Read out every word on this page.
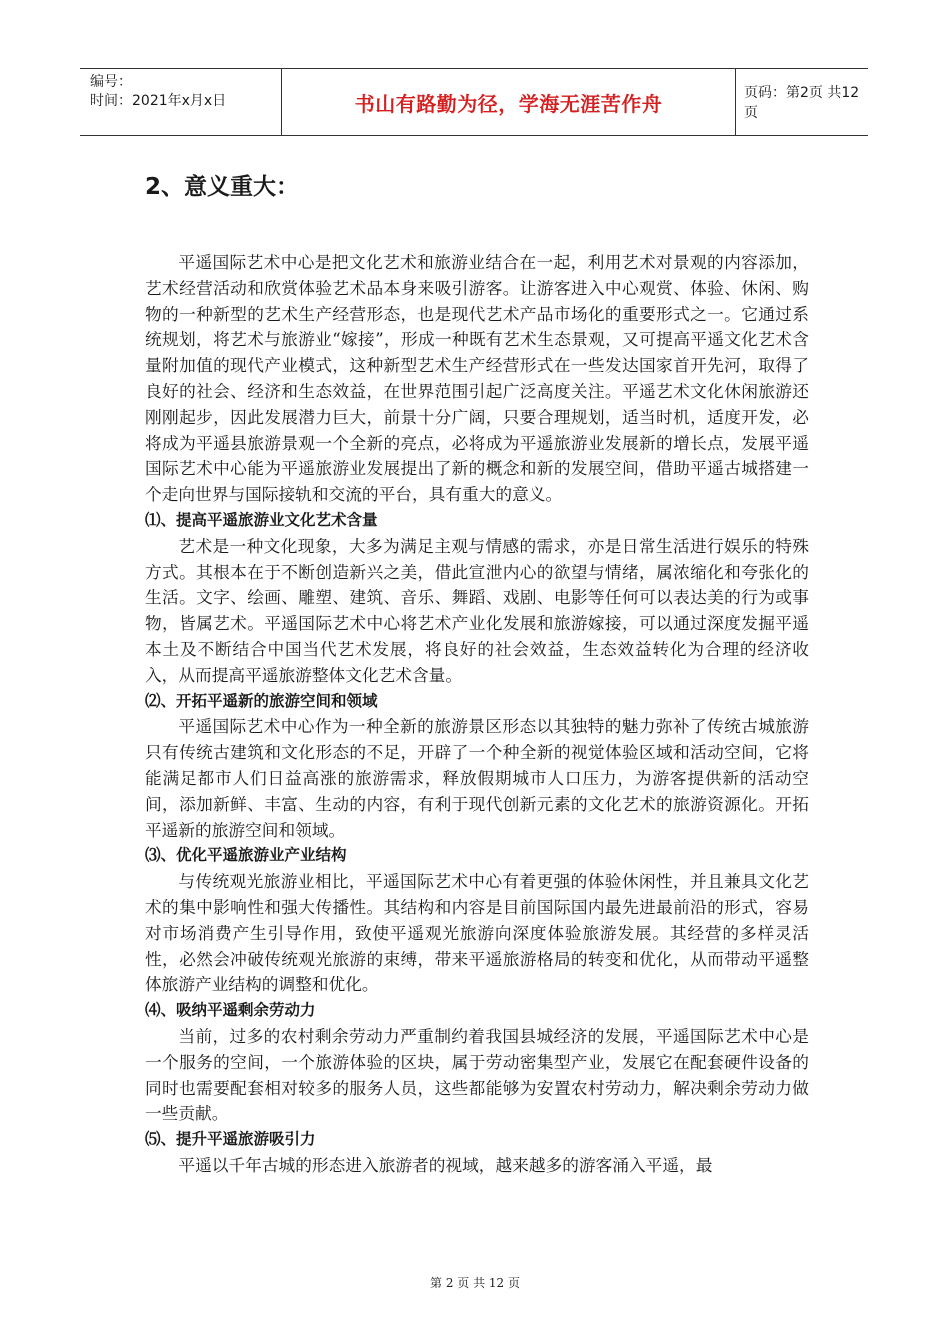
编号：
时间：2021年x月x日	书山有路勤为径，学海无涯苦作舟	页码：第2页 共12页
2、意义重大：

平遥国际艺术中心是把文化艺术和旅游业结合在一起，利用艺术对景观的内容添加，艺术经营活动和欣赏体验艺术品本身来吸引游客。让游客进入中心观赏、体验、休闲、购物的一种新型的艺术生产经营形态，也是现代艺术产品市场化的重要形式之一。它通过系统规划，将艺术与旅游业“嫁接”，形成一种既有艺术生态景观，又可提高平遥文化艺术含量附加值的现代产业模式，这种新型艺术生产经营形式在一些发达国家首开先河，取得了良好的社会、经济和生态效益，在世界范围引起广泛高度关注。平遥艺术文化休闲旅游还刚刚起步，因此发展潜力巨大，前景十分广阔，只要合理规划，适当时机，适度开发，必将成为平遥县旅游景观一个全新的亮点，必将成为平遥旅游业发展新的增长点，发展平遥国际艺术中心能为平遥旅游业发展提出了新的概念和新的发展空间，借助平遥古城搭建一个走向世界与国际接轨和交流的平台，具有重大的意义。

⑴、提高平遥旅游业文化艺术含量

艺术是一种文化现象，大多为满足主观与情感的需求，亦是日常生活进行娱乐的特殊方式。其根本在于不断创造新兴之美，借此宣泄内心的欲望与情绪，属浓缩化和夸张化的生活。文字、绘画、雕塑、建筑、音乐、舞蹈、戏剧、电影等任何可以表达美的行为或事物，皆属艺术。平遥国际艺术中心将艺术产业化发展和旅游嫁接，可以通过深度发掘平遥本土及不断结合中国当代艺术发展，将良好的社会效益，生态效益转化为合理的经济收入，从而提高平遥旅游整体文化艺术含量。

⑵、开拓平遥新的旅游空间和领域

平遥国际艺术中心作为一种全新的旅游景区形态以其独特的魅力弥补了传统古城旅游只有传统古建筑和文化形态的不足，开辟了一个种全新的视觉体验区域和活动空间，它将能满足都市人们日益高涨的旅游需求，释放假期城市人口压力，为游客提供新的活动空间，添加新鲜、丰富、生动的内容，有利于现代创新元素的文化艺术的旅游资源化。开拓平遥新的旅游空间和领域。

⑶、优化平遥旅游业产业结构

与传统观光旅游业相比，平遥国际艺术中心有着更强的体验休闲性，并且兼具文化艺术的集中影响性和强大传播性。其结构和内容是目前国际国内最先进最前沿的形式，容易对市场消费产生引导作用，致使平遥观光旅游向深度体验旅游发展。其经营的多样灵活性，必然会冲破传统观光旅游的束缚，带来平遥旅游格局的转变和优化，从而带动平遥整体旅游产业结构的调整和优化。

⑷、吸纳平遥剩余劳动力

当前，过多的农村剩余劳动力严重制约着我国县城经济的发展，平遥国际艺术中心是一个服务的空间，一个旅游体验的区块，属于劳动密集型产业，发展它在配套硬件设备的同时也需要配套相对较多的服务人员，这些都能够为安置农村劳动力，解决剩余劳动力做一些贡献。

⑸、提升平遥旅游吸引力

平遥以千年古城的形态进入旅游者的视域，越来越多的游客涌入平遥，最

第 2 页 共 12 页
